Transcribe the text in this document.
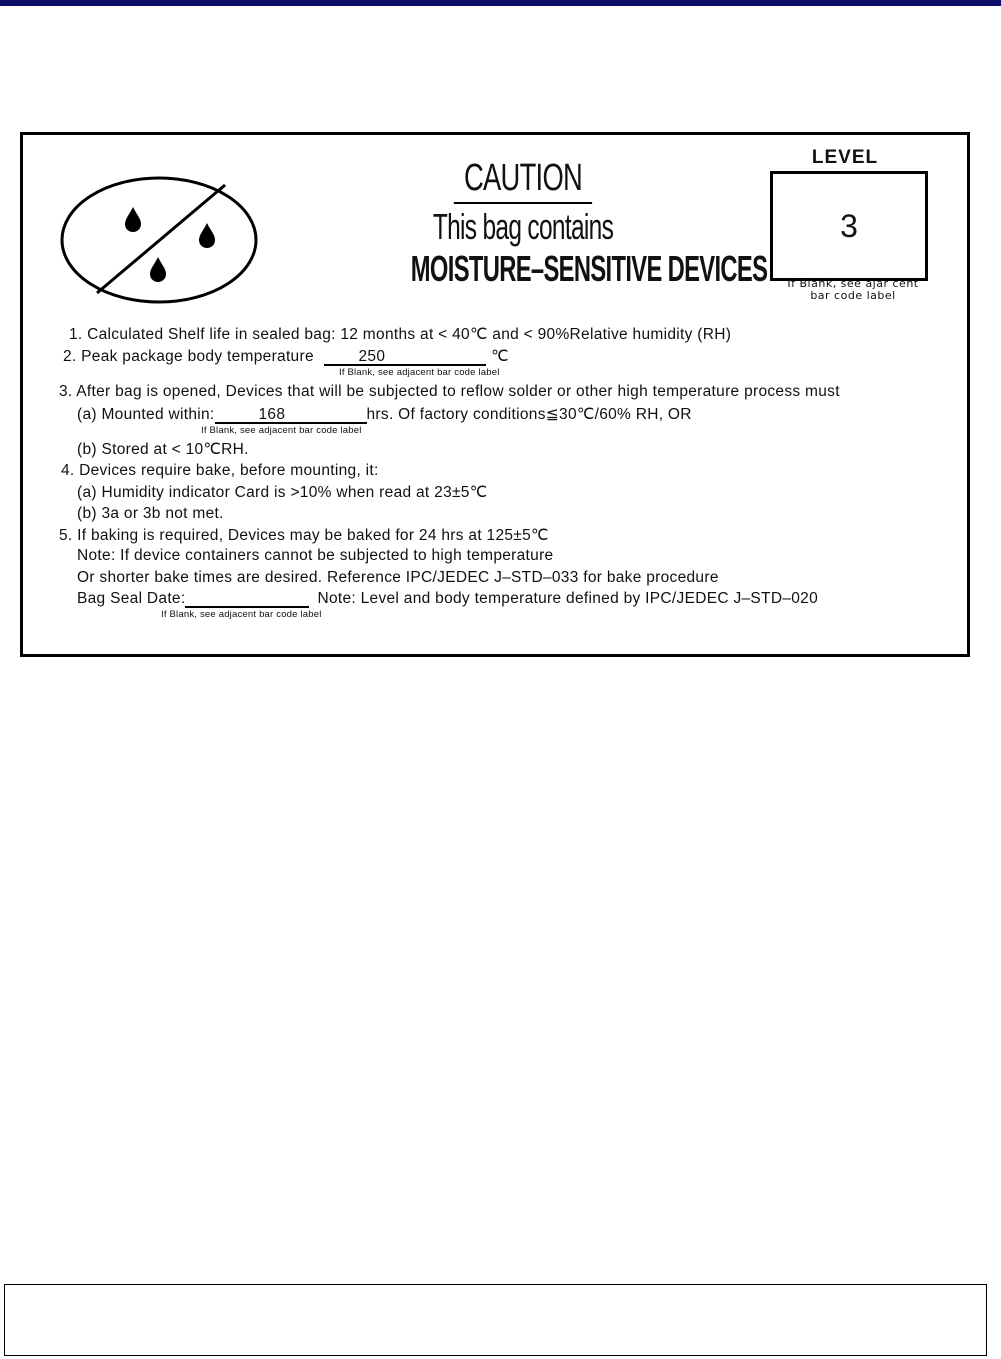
CAUTION
This bag contains
MOISTURE–SENSITIVE DEVICES
LEVEL
3
If Blank, see ajar cent
bar code label
1. Calculated Shelf life in sealed bag: 12 months at < 40℃ and < 90%Relative humidity (RH)
2. Peak package body temperature	250	℃
If Blank, see adjacent bar code label
3. After bag is opened, Devices that will be subjected to reflow solder or other high temperature process must
(a) Mounted within:	168	hrs. Of factory conditions≦30℃/60% RH, OR
If Blank, see adjacent bar code label
(b) Stored at < 10℃RH.
4. Devices require bake, before mounting, it:
(a) Humidity indicator Card is >10% when read at 23±5℃
(b) 3a or 3b not met.
5. If baking is required, Devices may be baked for 24 hrs at 125±5℃
Note: If device containers cannot be subjected to high temperature
Or shorter bake times are desired. Reference IPC/JEDEC J–STD–033 for bake procedure
Bag Seal Date:	Note: Level and body temperature defined by IPC/JEDEC J–STD–020
If Blank, see adjacent bar code label
